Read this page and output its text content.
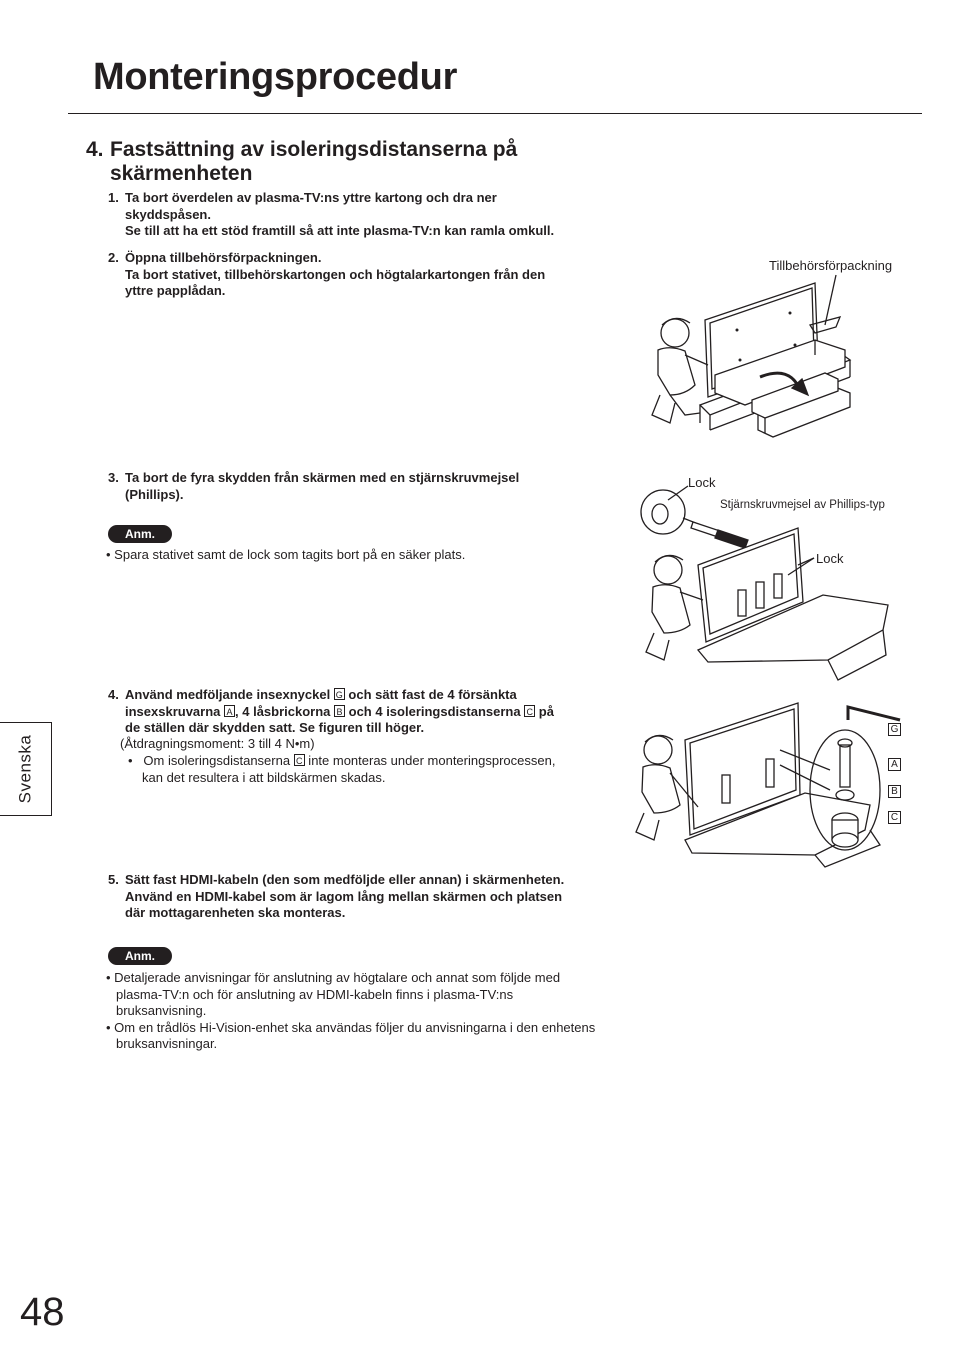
Monteringsprocedur
4. Fastsättning av isoleringsdistanserna på
skärmenheten
1. Ta bort överdelen av plasma-TV:ns yttre kartong och dra ner
skyddspåsen.
Se till att ha ett stöd framtill så att inte plasma-TV:n kan ramla omkull.
2. Öppna tillbehörsförpackningen.
Ta bort stativet, tillbehörskartongen och högtalarkartongen från den
yttre papplådan.
3. Ta bort de fyra skydden från skärmen med en stjärnskruvmejsel
(Phillips).
Anm.
• Spara stativet samt de lock som tagits bort på en säker plats.
4. Använd medföljande insexnyckel G och sätt fast de 4 försänkta
insexskruvarna A , 4 låsbrickorna B och 4 isoleringsdistanserna C på
de ställen där skydden satt. Se figuren till höger.
(Åtdragningsmoment: 3 till 4 N•m)
•   Om isoleringsdistanserna C inte monteras under monteringsprocessen,
kan det resultera i att bildskärmen skadas.
5. Sätt fast HDMI-kabeln (den som medföljde eller annan) i skärmenheten.
Använd en HDMI-kabel som är lagom lång mellan skärmen och platsen
där mottagarenheten ska monteras.
Anm.
• Detaljerade anvisningar för anslutning av högtalare och annat som följde med plasma-TV:n och för anslutning av HDMI-kabeln finns i plasma-TV:ns bruksanvisning.
• Om en trådlös Hi-Vision-enhet ska användas följer du anvisningarna i den enhetens bruksanvisningar.
Svenska
48
Tillbehörsförpackning
Lock
Stjärnskruvmejsel av Phillips-typ
Lock
G
A
B
C
